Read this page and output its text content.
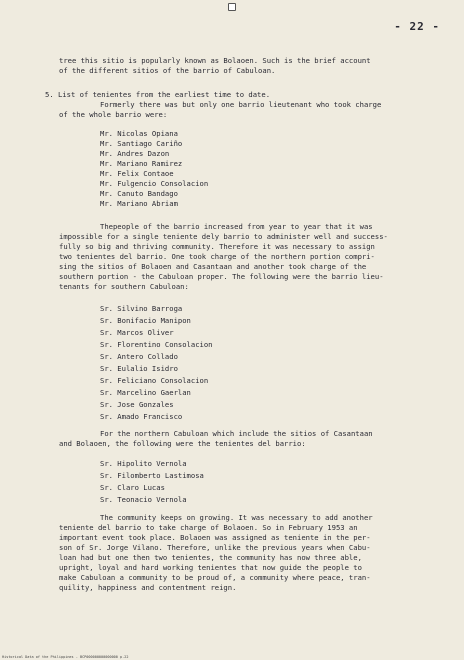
- 22 -
tree this sitio is popularly known as Bolaoen. Such is the brief account
of the different sitios of the barrio of Cabuloan.
5. List of tenientes from the earliest time to date.
Formerly there was but only one barrio lieutenant who took charge
of the whole barrio were:
Mr. Nicolas Opiana
Mr. Santiago Cariño
Mr. Andres Dazon
Mr. Mariano Ramirez
Mr. Felix Contaoe
Mr. Fulgencio Consolacion
Mr. Canuto Bandago
Mr. Mariano Abriam
Thepeople of the barrio increased from year to year that it was
impossible for a single teniente dely barrio to administer well and success-
fully so big and thriving community. Therefore it was necessary to assign
two tenientes del barrio. One took charge of the northern portion compri-
sing the sitios of Bolaoen and Casantaan and another took charge of the
southern portion - the Cabuloan proper. The following were the barrio lieu-
tenants for southern Cabuloan:
Sr. Silvino Barroga
Sr. Bonifacio Manipon
Sr. Marcos Oliver
Sr. Florentino Consolacion
Sr. Antero Collado
Sr. Eulalio Isidro
Sr. Feliciano Consolacion
Sr. Marcelino Gaerlan
Sr. Jose Gonzales
Sr. Amado Francisco
For the northern Cabuloan which include the sitios of Casantaan
and Bolaoen, the following were the tenientes del barrio:
Sr. Hipolito Vernola
Sr. Filomberto Lastimosa
Sr. Claro Lucas
Sr. Teonacio Vernola
The community keeps on growing. It was necessary to add another
teniente del barrio to take charge of Bolaoen. So in February 1953 an
important event took place. Bolaoen was assigned as teniente in the per-
son of Sr. Jorge Vilano. Therefore, unlike the previous years when Cabu-
loan had but one then two tenientes, the community has now three able,
upright, loyal and hard working tenientes that now guide the people to
make Cabuloan a community to be proud of, a community where peace, tran-
quility, happiness and contentment reign.
Historical Data of the Philippines - BCP000000000000000 p.22
